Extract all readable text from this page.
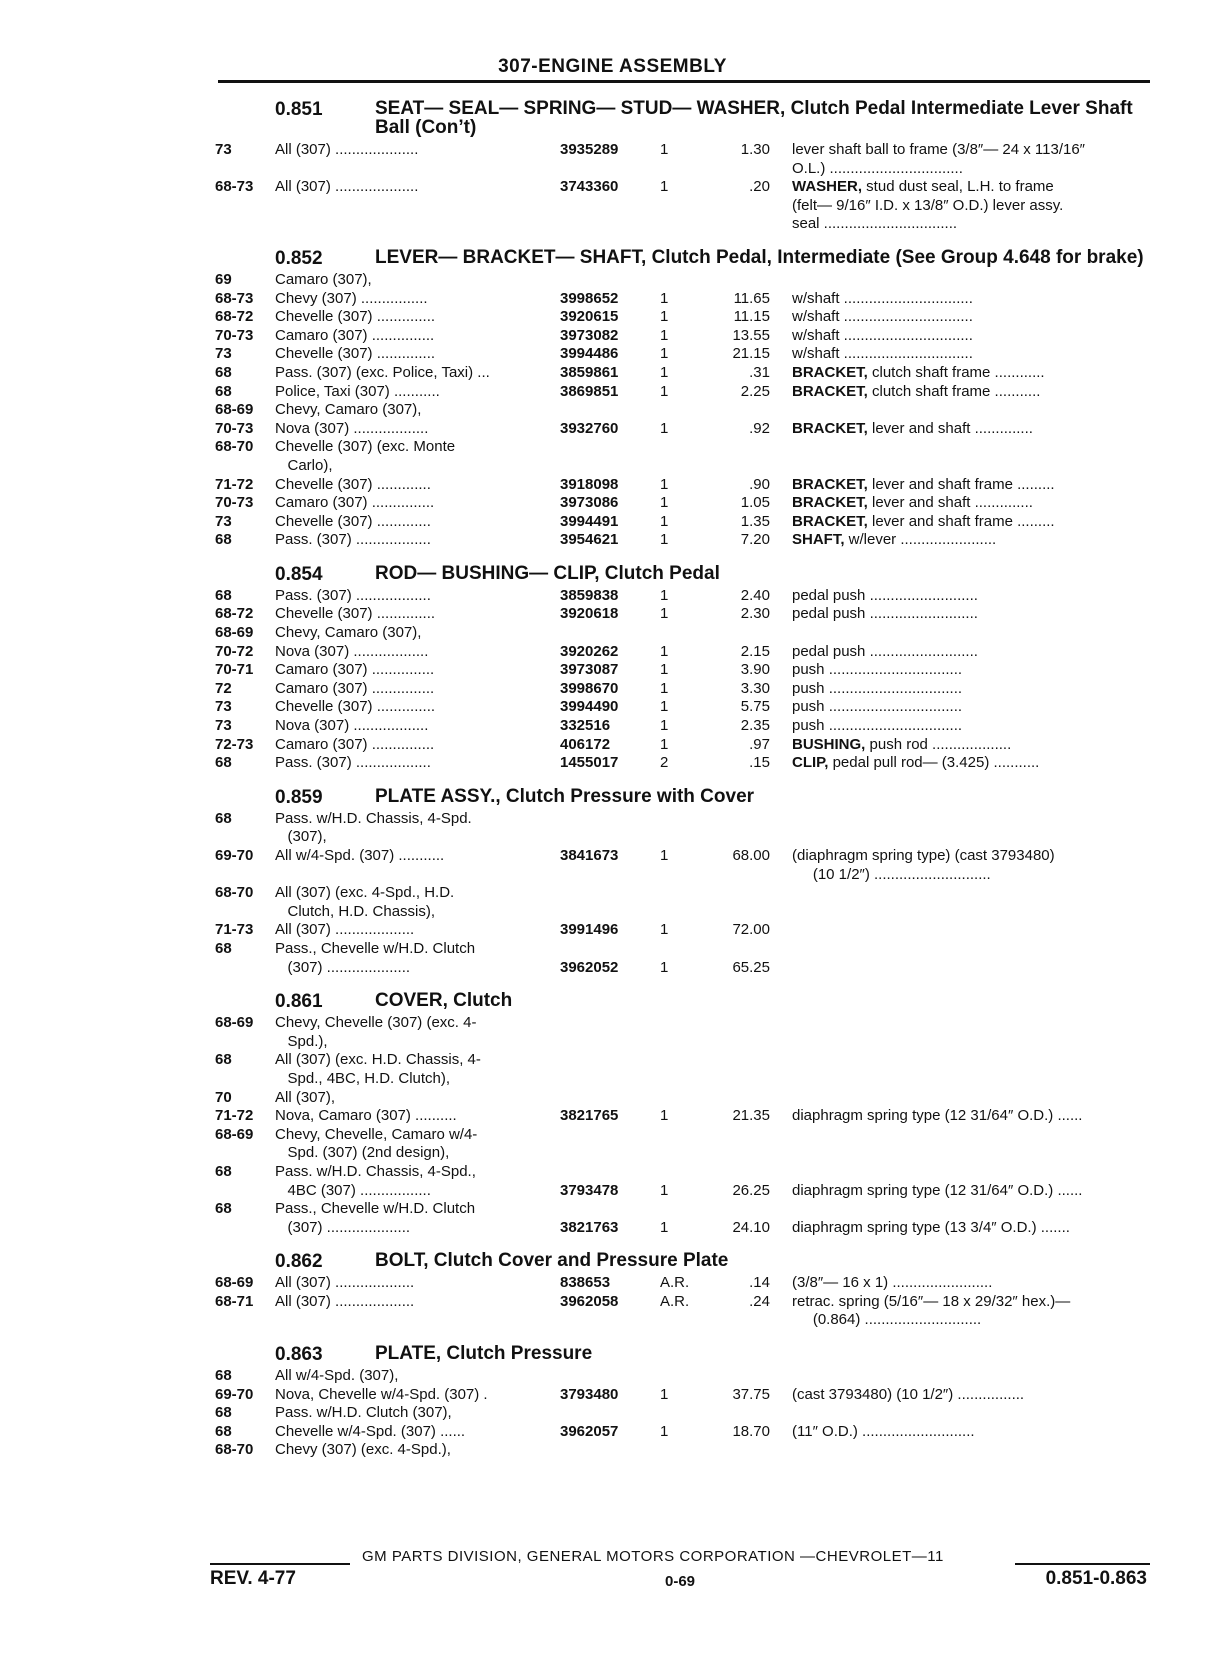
307-ENGINE ASSEMBLY
0.851	SEAT— SEAL— SPRING— STUD— WASHER, Clutch Pedal Intermediate Lever Shaft Ball (Con’t)
73	All (307) ....................	3935289	1	1.30 lever shaft ball to frame (3/8″— 24 x 113/16″
O.L.) ................................
68-73 All (307) ....................	3743360	1	.20 WASHER, stud dust seal, L.H. to frame
(felt— 9/16″ I.D. x 13/8″ O.D.) lever assy.
seal ................................
0.852	LEVER— BRACKET— SHAFT, Clutch Pedal, Intermediate (See Group 4.648 for brake)
69	Camaro (307),
68-73 Chevy (307) ................	3998652	1	11.65 w/shaft ...............................
68-72 Chevelle (307) ..............	3920615	1	11.15 w/shaft ...............................
70-73 Camaro (307) ...............	3973082	1	13.55 w/shaft ...............................
73	Chevelle (307) ..............	3994486	1	21.15 w/shaft ...............................
68	Pass. (307) (exc. Police, Taxi) ...	3859861	1	.31 BRACKET, clutch shaft frame ............
68	Police, Taxi (307) ...........	3869851	1	2.25 BRACKET, clutch shaft frame ...........
68-69 Chevy, Camaro (307),
70-73 Nova (307) ..................	3932760	1	.92 BRACKET, lever and shaft ..............
68-70 Chevelle (307) (exc. Monte
Carlo),
71-72 Chevelle (307) .............	3918098	1	.90 BRACKET, lever and shaft frame .........
70-73 Camaro (307) ...............	3973086	1	1.05 BRACKET, lever and shaft ..............
73	Chevelle (307) .............	3994491	1	1.35 BRACKET, lever and shaft frame .........
68	Pass. (307) ..................	3954621	1	7.20 SHAFT, w/lever .......................
0.854	ROD— BUSHING— CLIP, Clutch Pedal
68	Pass. (307) ..................	3859838	1	2.40 pedal push ..........................
68-72 Chevelle (307) ..............	3920618	1	2.30 pedal push ..........................
68-69 Chevy, Camaro (307),
70-72 Nova (307) ..................	3920262	1	2.15 pedal push ..........................
70-71 Camaro (307) ...............	3973087	1	3.90 push ................................
72	Camaro (307) ...............	3998670	1	3.30 push ................................
73	Chevelle (307) ..............	3994490	1	5.75 push ................................
73	Nova (307) ..................	332516	1	2.35 push ................................
72-73 Camaro (307) ...............	406172	1	.97 BUSHING, push rod ...................
68	Pass. (307) ..................	1455017	2	.15 CLIP, pedal pull rod— (3.425) ...........
0.859	PLATE ASSY., Clutch Pressure with Cover
68	Pass. w/H.D. Chassis, 4-Spd.
(307),
69-70 All w/4-Spd. (307) ...........	3841673	1	68.00 (diaphragm spring type) (cast 3793480)
(10 1/2″) ............................
68-70 All (307) (exc. 4-Spd., H.D.
Clutch, H.D. Chassis),
71-73 All (307) ...................	3991496	1	72.00
68	Pass., Chevelle w/H.D. Clutch
(307) ....................	3962052	1	65.25
0.861	COVER, Clutch
68-69 Chevy, Chevelle (307) (exc. 4-
Spd.),
68	All (307) (exc. H.D. Chassis, 4-
Spd., 4BC, H.D. Clutch),
70	All (307),
71-72 Nova, Camaro (307) ..........	3821765	1	21.35 diaphragm spring type (12 31/64″ O.D.) ......
68-69 Chevy, Chevelle, Camaro w/4-
Spd. (307) (2nd design),
68	Pass. w/H.D. Chassis, 4-Spd.,
4BC (307) .................	3793478	1	26.25 diaphragm spring type (12 31/64″ O.D.) ......
68	Pass., Chevelle w/H.D. Clutch
(307) ....................	3821763	1	24.10 diaphragm spring type (13 3/4″ O.D.) .......
0.862	BOLT, Clutch Cover and Pressure Plate
68-69 All (307) ...................	838653	A.R.	.14 (3/8″— 16 x 1) ........................
68-71 All (307) ...................	3962058	A.R.	.24 retrac. spring (5/16″— 18 x 29/32″ hex.)—
(0.864) ............................
0.863	PLATE, Clutch Pressure
68	All w/4-Spd. (307),
69-70 Nova, Chevelle w/4-Spd. (307) .	3793480	1	37.75 (cast 3793480) (10 1/2″) ................
68	Pass. w/H.D. Clutch (307),
68	Chevelle w/4-Spd. (307) ......	3962057	1	18.70 (11″ O.D.) ...........................
68-70 Chevy (307) (exc. 4-Spd.),
GM PARTS DIVISION, GENERAL MOTORS CORPORATION —CHEVROLET—11
REV. 4-77	0-69	0.851-0.863
